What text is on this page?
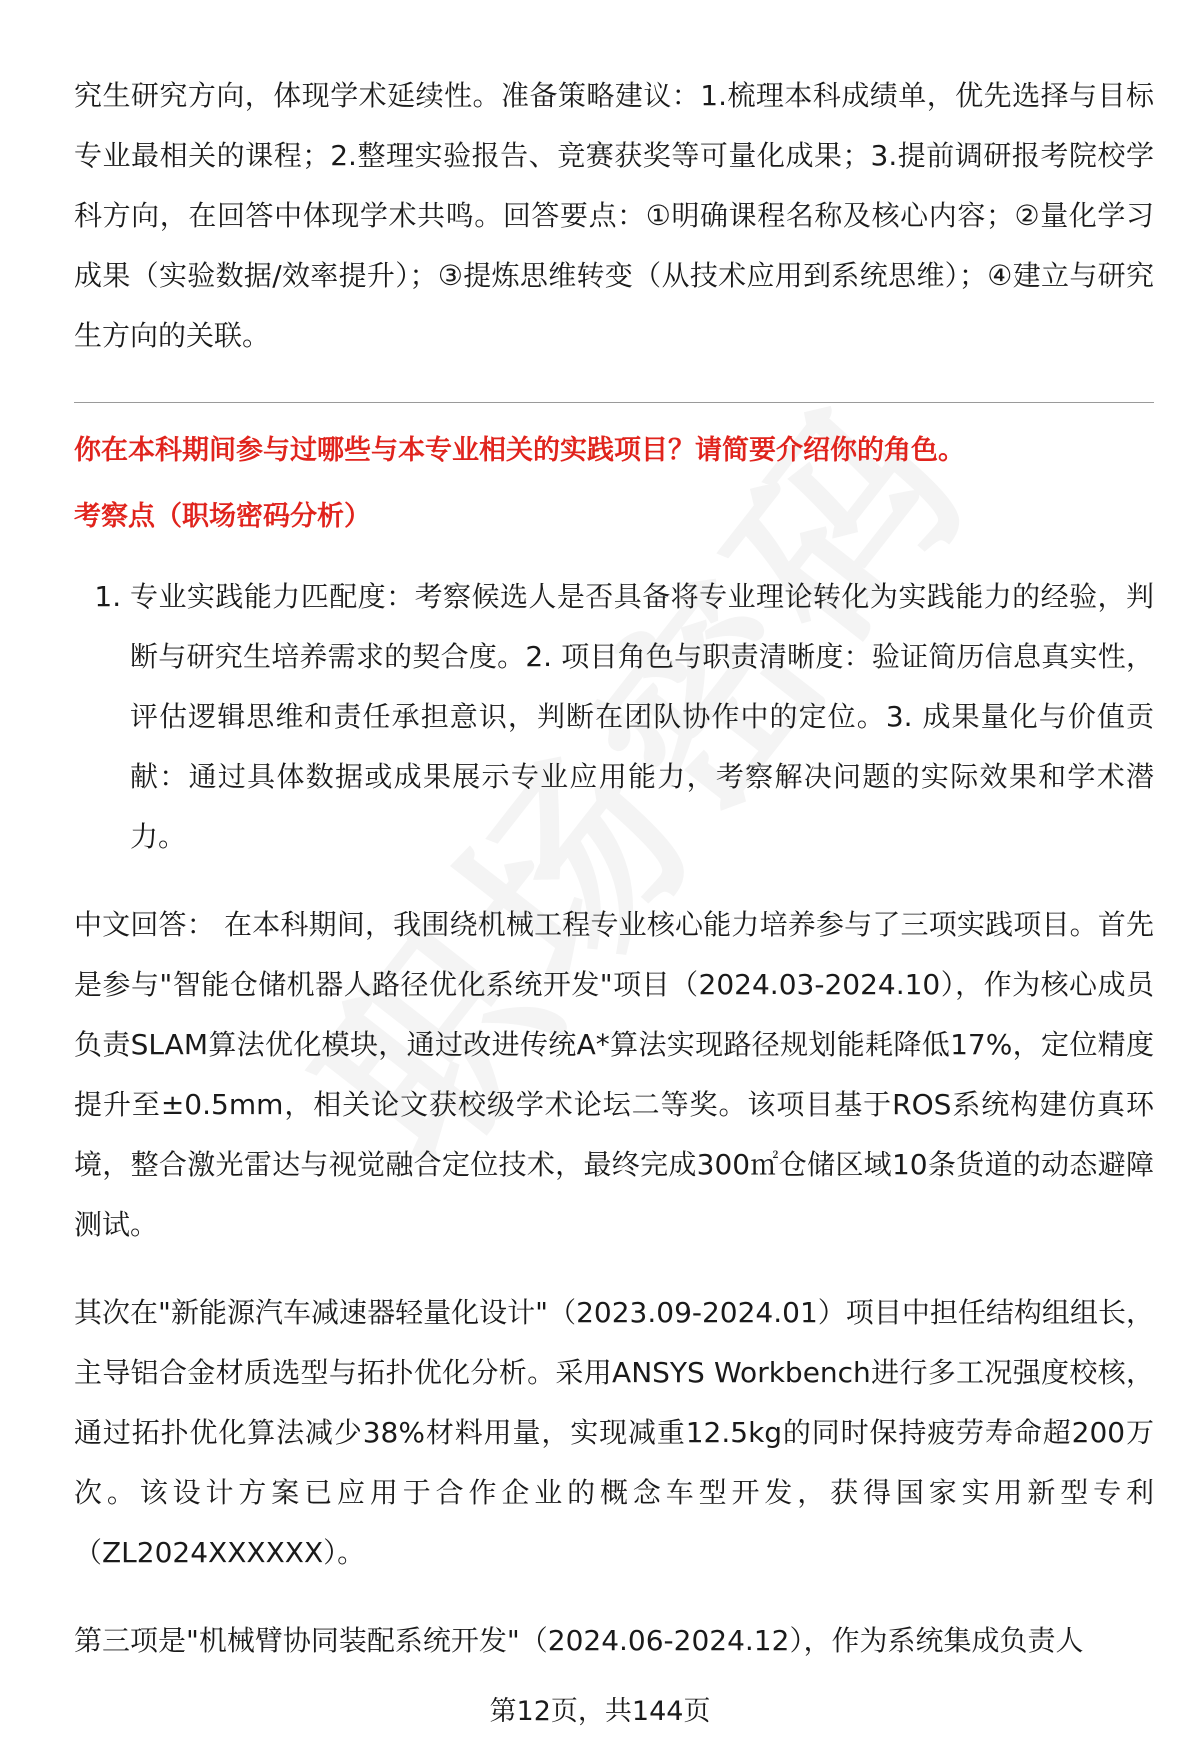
究生研究方向，体现学术延续性。准备策略建议：1.梳理本科成绩单，优先选择与目标专业最相关的课程；2.整理实验报告、竞赛获奖等可量化成果；3.提前调研报考院校学科方向，在回答中体现学术共鸣。回答要点：①明确课程名称及核心内容；②量化学习成果（实验数据/效率提升）；③提炼思维转变（从技术应用到系统思维）；④建立与研究生方向的关联。

你在本科期间参与过哪些与本专业相关的实践项目？请简要介绍你的角色。

考察点（职场密码分析）

1. 专业实践能力匹配度：考察候选人是否具备将专业理论转化为实践能力的经验，判断与研究生培养需求的契合度。2. 项目角色与职责清晰度：验证简历信息真实性，评估逻辑思维和责任承担意识，判断在团队协作中的定位。3. 成果量化与价值贡献：通过具体数据或成果展示专业应用能力，考察解决问题的实际效果和学术潜力。

中文回答： 在本科期间，我围绕机械工程专业核心能力培养参与了三项实践项目。首先是参与"智能仓储机器人路径优化系统开发"项目（2024.03-2024.10），作为核心成员负责SLAM算法优化模块，通过改进传统A*算法实现路径规划能耗降低17%，定位精度提升至±0.5mm，相关论文获校级学术论坛二等奖。该项目基于ROS系统构建仿真环境，整合激光雷达与视觉融合定位技术，最终完成300㎡仓储区域10条货道的动态避障测试。

其次在"新能源汽车减速器轻量化设计"（2023.09-2024.01）项目中担任结构组组长，主导铝合金材质选型与拓扑优化分析。采用ANSYS Workbench进行多工况强度校核，通过拓扑优化算法减少38%材料用量，实现减重12.5kg的同时保持疲劳寿命超200万次。该设计方案已应用于合作企业的概念车型开发，获得国家实用新型专利（ZL2024XXXXXX）。

第三项是"机械臂协同装配系统开发"（2024.06-2024.12），作为系统集成负责人

第12页，共144页
